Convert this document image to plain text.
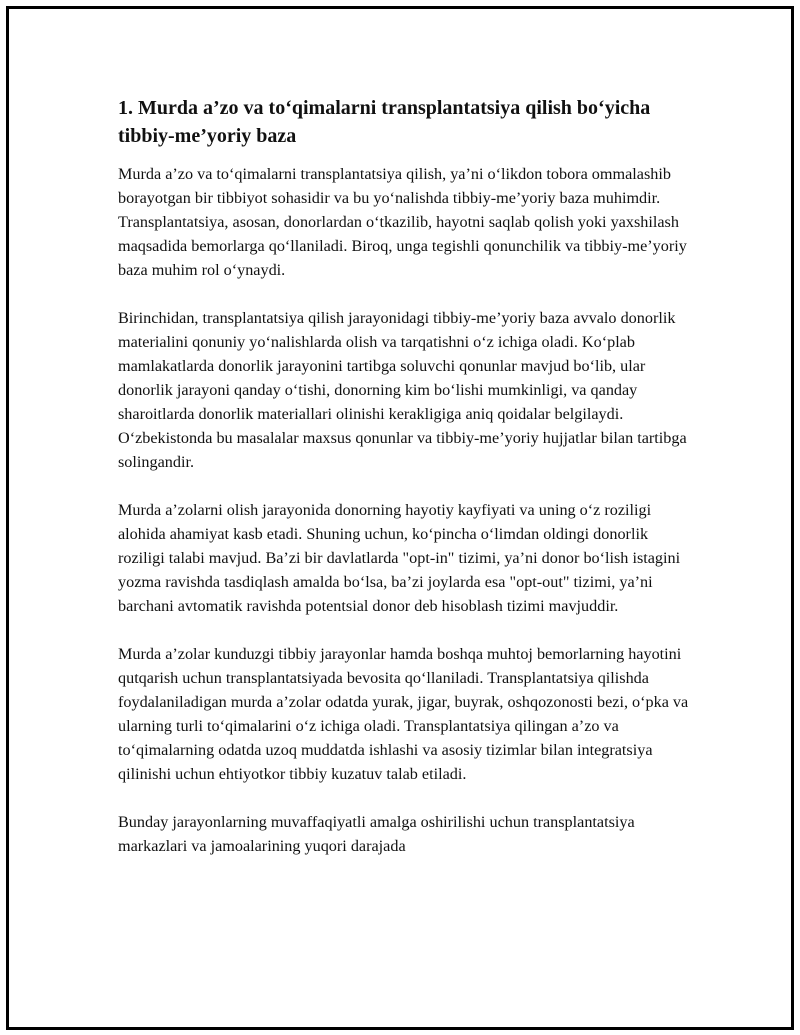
1. Murda a’zo va to‘qimalarni transplantatsiya qilish bo‘yicha tibbiy-me’yoriy baza

Murda a’zo va to‘qimalarni transplantatsiya qilish, ya’ni o‘likdon tobora ommalashib borayotgan bir tibbiyot sohasidir va bu yo‘nalishda tibbiy-me’yoriy baza muhimdir. Transplantatsiya, asosan, donorlardan o‘tkazilib, hayotni saqlab qolish yoki yaxshilash maqsadida bemorlarga qo‘llaniladi. Biroq, unga tegishli qonunchilik va tibbiy-me’yoriy baza muhim rol o‘ynaydi.

Birinchidan, transplantatsiya qilish jarayonidagi tibbiy-me’yoriy baza avvalo donorlik materialini qonuniy yo‘nalishlarda olish va tarqatishni o‘z ichiga oladi. Ko‘plab mamlakatlarda donorlik jarayonini tartibga soluvchi qonunlar mavjud bo‘lib, ular donorlik jarayoni qanday o‘tishi, donorning kim bo‘lishi mumkinligi, va qanday sharoitlarda donorlik materiallari olinishi kerakligiga aniq qoidalar belgilaydi. O‘zbekistonda bu masalalar maxsus qonunlar va tibbiy-me’yoriy hujjatlar bilan tartibga solingandir.

Murda a’zolarni olish jarayonida donorning hayotiy kayfiyati va uning o‘z roziligi alohida ahamiyat kasb etadi. Shuning uchun, ko‘pincha o‘limdan oldingi donorlik roziligi talabi mavjud. Ba’zi bir davlatlarda "opt-in" tizimi, ya’ni donor bo‘lish istagini yozma ravishda tasdiqlash amalda bo‘lsa, ba’zi joylarda esa "opt-out" tizimi, ya’ni barchani avtomatik ravishda potentsial donor deb hisoblash tizimi mavjuddir.

Murda a’zolar kunduzgi tibbiy jarayonlar hamda boshqa muhtoj bemorlarning hayotini qutqarish uchun transplantatsiyada bevosita qo‘llaniladi. Transplantatsiya qilishda foydalaniladigan murda a’zolar odatda yurak, jigar, buyrak, oshqozonosti bezi, o‘pka va ularning turli to‘qimalarini o‘z ichiga oladi. Transplantatsiya qilingan a’zo va to‘qimalarning odatda uzoq muddatda ishlashi va asosiy tizimlar bilan integratsiya qilinishi uchun ehtiyotkor tibbiy kuzatuv talab etiladi.

Bunday jarayonlarning muvaffaqiyatli amalga oshirilishi uchun transplantatsiya markazlari va jamoalarining yuqori darajada
